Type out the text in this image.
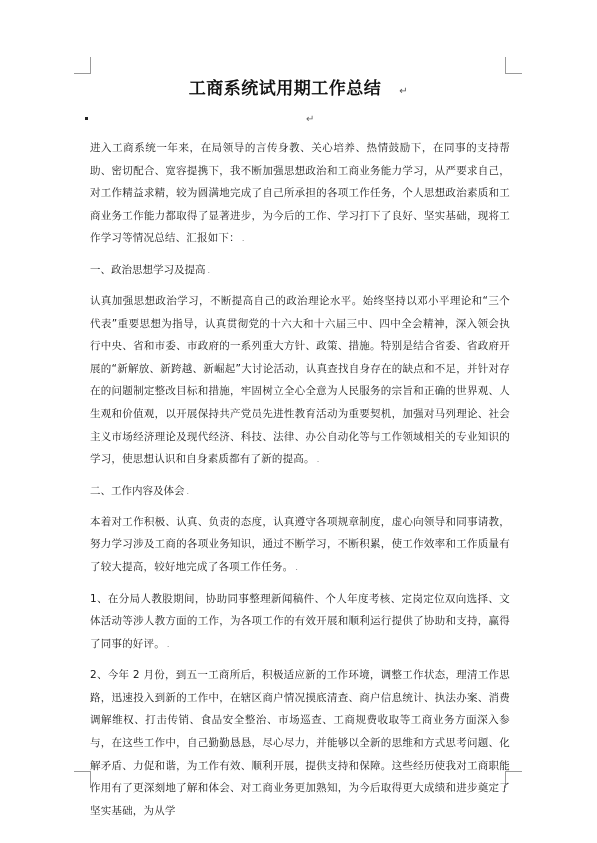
工商系统试用期工作总结 ↵
↵

进入工商系统一年来，在局领导的言传身教、关心培养、热情鼓励下，在同事的支持帮助、密切配合、宽容提携下，我不断加强思想政治和工商业务能力学习，从严要求自己，对工作精益求精，较为圆满地完成了自己所承担的各项工作任务，个人思想政治素质和工商业务工作能力都取得了显著进步，为今后的工作、学习打下了良好、坚实基础，现将工作学习等情况总结、汇报如下： .

一、政治思想学习及提高 .

认真加强思想政治学习，不断提高自己的政治理论水平。始终坚持以邓小平理论和“三个代表”重要思想为指导，认真贯彻党的十六大和十六届三中、四中全会精神，深入领会执行中央、省和市委、市政府的一系列重大方针、政策、措施。特别是结合省委、省政府开展的“新解放、新跨越、新崛起”大讨论活动，认真查找自身存在的缺点和不足，并针对存在的问题制定整改目标和措施，牢固树立全心全意为人民服务的宗旨和正确的世界观、人生观和价值观，以开展保持共产党员先进性教育活动为重要契机，加强对马列理论、社会主义市场经济理论及现代经济、科技、法律、办公自动化等与工作领域相关的专业知识的学习，使思想认识和自身素质都有了新的提高。 .

二、工作内容及体会 .

本着对工作积极、认真、负责的态度，认真遵守各项规章制度，虚心向领导和同事请教，努力学习涉及工商的各项业务知识，通过不断学习，不断积累，使工作效率和工作质量有了较大提高，较好地完成了各项工作任务。 .

1、在分局人教股期间，协助同事整理新闻稿件、个人年度考核、定岗定位双向选择、文体活动等涉人教方面的工作，为各项工作的有效开展和顺利运行提供了协助和支持，赢得了同事的好评。 .

2、今年 2 月份，到五一工商所后，积极适应新的工作环境，调整工作状态，理清工作思路，迅速投入到新的工作中，在辖区商户情况摸底清查、商户信息统计、执法办案、消费调解维权、打击传销、食品安全整治、市场巡查、工商规费收取等工商业务方面深入参与，在这些工作中，自己勤勤恳恳，尽心尽力，并能够以全新的思维和方式思考问题、化解矛盾、力促和谐，为工作有效、顺利开展，提供支持和保障。这些经历使我对工商职能作用有了更深刻地了解和体会、对工商业务更加熟知，为今后取得更大成绩和进步奠定了坚实基础，为从学
